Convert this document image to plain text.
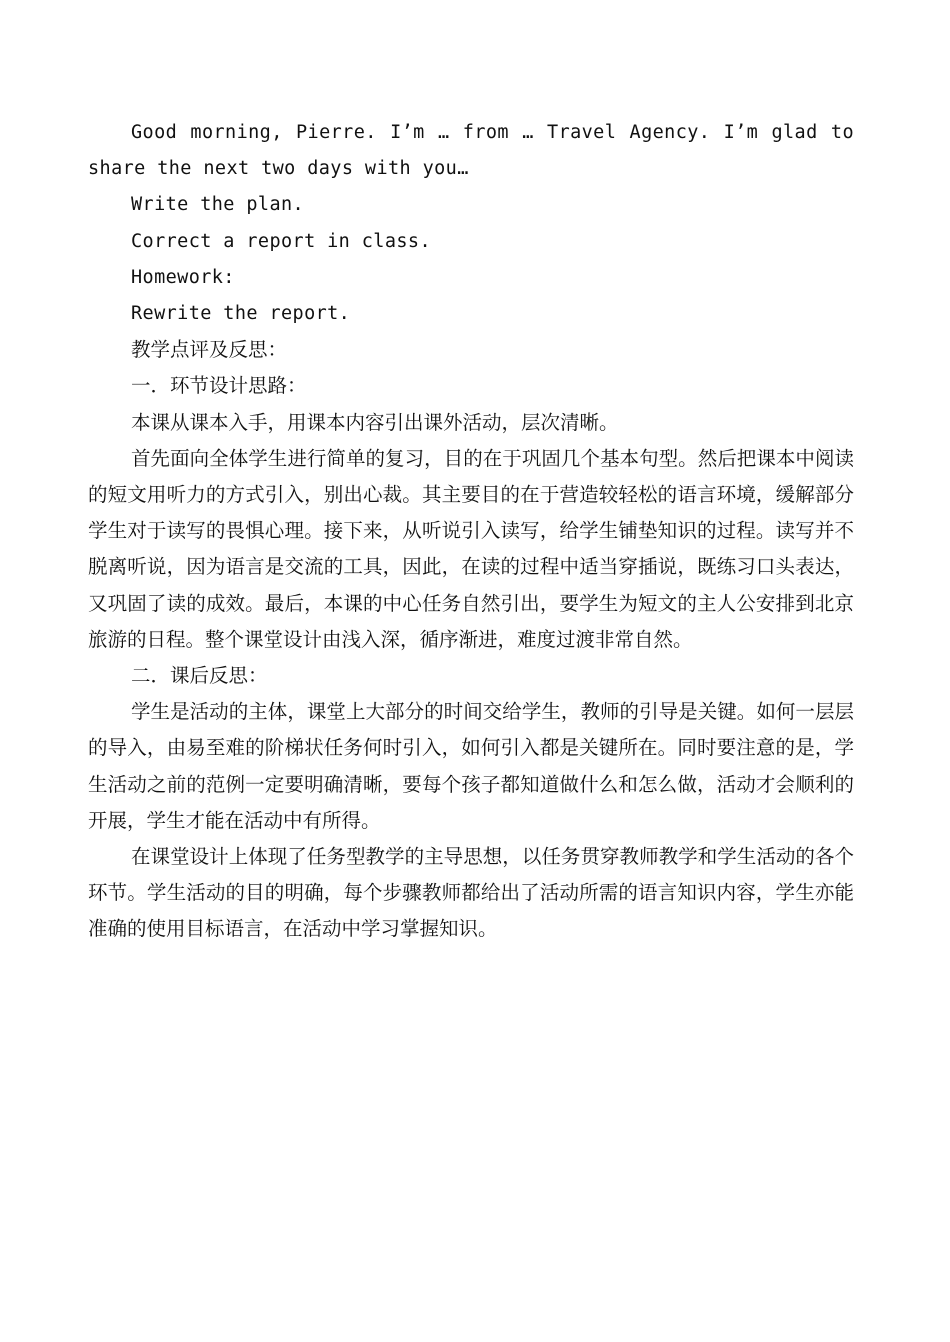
Good morning, Pierre. I’m … from … Travel Agency. I’m glad to share the next two days with you…

Write the plan.

Correct a report in class.

Homework:

Rewrite the report.

教学点评及反思：

一．环节设计思路：

本课从课本入手，用课本内容引出课外活动，层次清晰。

首先面向全体学生进行简单的复习，目的在于巩固几个基本句型。然后把课本中阅读的短文用听力的方式引入，别出心裁。其主要目的在于营造较轻松的语言环境，缓解部分学生对于读写的畏惧心理。接下来，从听说引入读写，给学生铺垫知识的过程。读写并不脱离听说，因为语言是交流的工具，因此，在读的过程中适当穿插说，既练习口头表达，又巩固了读的成效。最后，本课的中心任务自然引出，要学生为短文的主人公安排到北京旅游的日程。整个课堂设计由浅入深，循序渐进，难度过渡非常自然。

二．课后反思：

学生是活动的主体，课堂上大部分的时间交给学生，教师的引导是关键。如何一层层的导入，由易至难的阶梯状任务何时引入，如何引入都是关键所在。同时要注意的是，学生活动之前的范例一定要明确清晰，要每个孩子都知道做什么和怎么做，活动才会顺利的开展，学生才能在活动中有所得。

在课堂设计上体现了任务型教学的主导思想，以任务贯穿教师教学和学生活动的各个环节。学生活动的目的明确，每个步骤教师都给出了活动所需的语言知识内容，学生亦能准确的使用目标语言，在活动中学习掌握知识。
